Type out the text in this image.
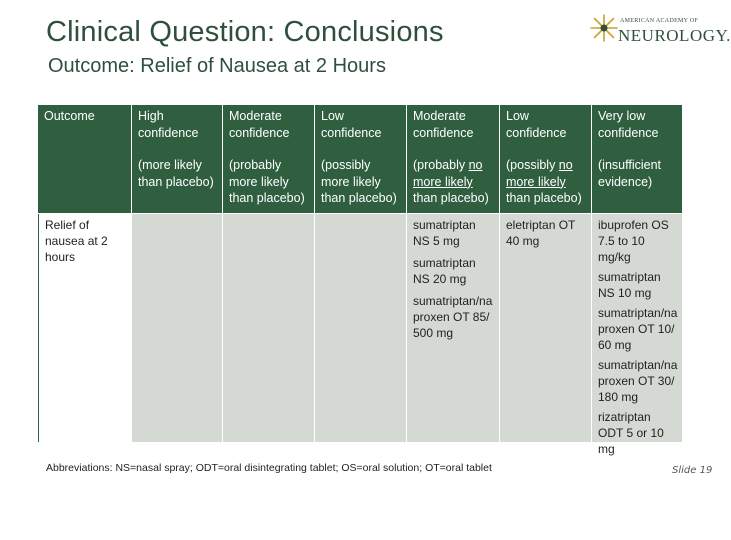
Clinical Question: Conclusions
Outcome: Relief of Nausea at 2 Hours
AMERICAN ACADEMY OF
NEUROLOGY.
Outcome	High confidence
(more likely than placebo)
Moderate confidence
(probably more likely than placebo)
Low confidence
(possibly more likely than placebo)
Moderate confidence
(probably no more likely than placebo)
Low confidence
(possibly no more likely than placebo)
Very low confidence
(insufficient evidence)
Relief of nausea at 2 hours
sumatriptan NS 5 mg
sumatriptan NS 20 mg
sumatriptan/naproxen OT 85/500 mg
eletriptan OT 40 mg
ibuprofen OS 7.5 to 10 mg/kg
sumatriptan NS 10 mg
sumatriptan/naproxen OT 10/60 mg
sumatriptan/naproxen OT 30/180 mg
rizatriptan ODT 5 or 10 mg
Abbreviations: NS=nasal spray; ODT=oral disintegrating tablet; OS=oral solution; OT=oral tablet	Slide 19
